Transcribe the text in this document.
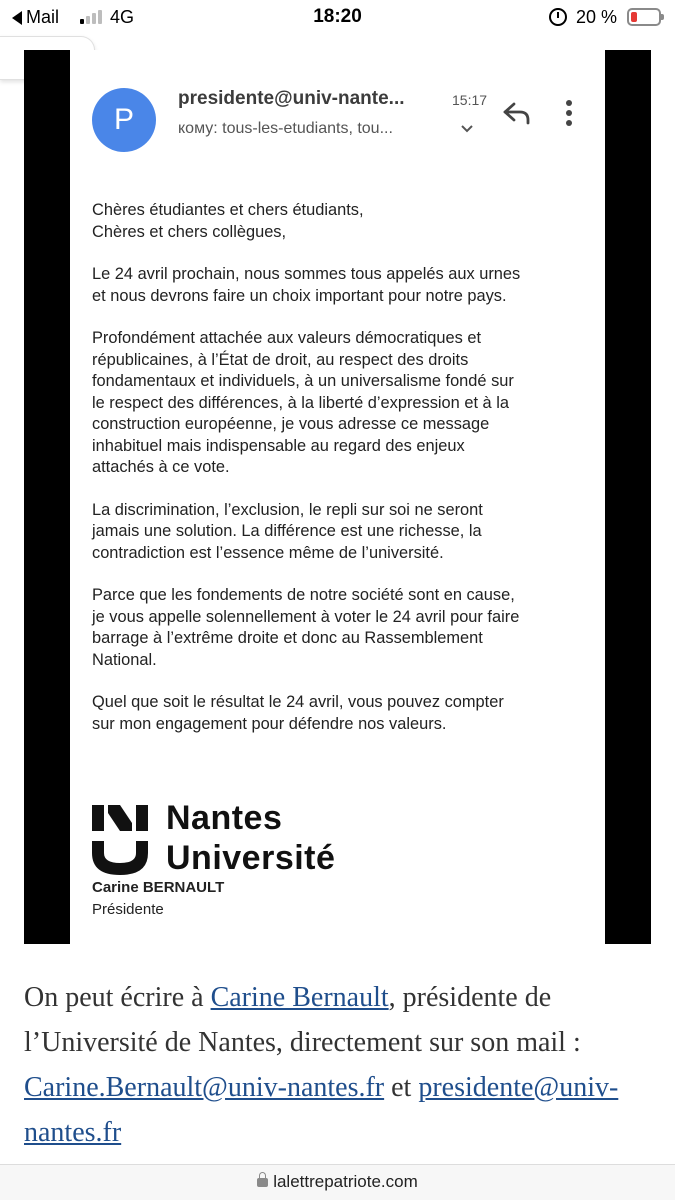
Mail	4G	18:20	20 %
P
presidente@univ-nante...	15:17
кому: tous-les-etudiants, tou...

Chères étudiantes et chers étudiants,
Chères et chers collègues,

Le 24 avril prochain, nous sommes tous appelés aux urnes
et nous devrons faire un choix important pour notre pays.

Profondément attachée aux valeurs démocratiques et
républicaines, à l’État de droit, au respect des droits
fondamentaux et individuels, à un universalisme fondé sur
le respect des différences, à la liberté d’expression et à la
construction européenne, je vous adresse ce message
inhabituel mais indispensable au regard des enjeux
attachés à ce vote.

La discrimination, l’exclusion, le repli sur soi ne seront
jamais une solution. La différence est une richesse, la
contradiction est l’essence même de l’université.

Parce que les fondements de notre société sont en cause,
je vous appelle solennellement à voter le 24 avril pour faire
barrage à l’extrême droite et donc au Rassemblement
National.

Quel que soit le résultat le 24 avril, vous pouvez compter
sur mon engagement pour défendre nos valeurs.

Nantes
Université
Carine BERNAULT
Présidente
On peut écrire à Carine Bernault, présidente de l’Université de Nantes, directement sur son mail : Carine.Bernault@univ-nantes.fr et presidente@univ-nantes.fr
lalettrepatriote.com
